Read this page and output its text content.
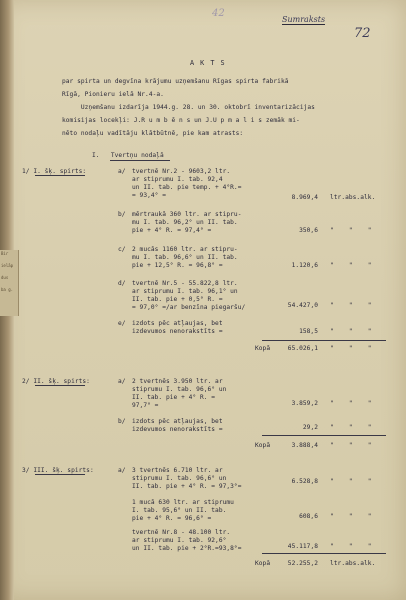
Bir
ielāp
dus
ba g.
42
Sumraksts
72
A K T S
par spirta un degvīna krājumu uzņemšanu Rīgas spirta fabrikā
Rīgā, Pionieru ielā Nr.4-a.
Uzņemšanu izdarīja 1944.g. 28. un 30. oktobrī inventarizācijas
komisijas locekļi: J.R u m b ē n s un J.U p m a l i s zemāk mi-
nēto nodaļu vadītāju klātbūtnē, pie kam atrasts:
I.   Tvertņu nodaļā
1/ I. šķ. spirts:	a/ tvertnē Nr.2 - 9603,2 ltr.
ar stiprumu I. tab. 92,4
un II. tab. pie temp. + 4°R.=
= 93,4° =	8.969,4 ltr.abs.alk.
b/ mērtraukā 360 ltr. ar stipru-
mu I. tab. 96,2° un II. tab.
pie + 4° R. = 97,4° =	350,6 "    "    "
c/ 2 mucās 1160 ltr. ar stipru-
mu I. tab. 96,6° un II. tab.
pie + 12,5° R. = 96,8° =	1.120,6 "    "    "
d/ tvertnē Nr.5 - 55.822,8 ltr.
ar stiprumu I. tab. 96,1° un
II. tab. pie + 0,5° R. =
= 97,0° =/ar benzīna piegaršu/	54.427,0 "    "    "
e/ izdots pēc atļaujas, bet
izdevumos nenorakstīts =	158,5 "    "    "
Kopā	65.026,1 "    "    "
2/ II. šķ. spirts:	a/ 2 tvertnēs 3.950 ltr. ar
stiprumu I. tab. 96,6° un
II. tab. pie + 4° R. =
97,7° =	3.859,2 "    "    "
b/ izdots pēc atļaujas, bet
izdevumos nenorakstīts =	29,2 "    "    "
Kopā	3.888,4 "    "    "
3/ III. šķ. spirts:	a/ 3 tvertnēs 6.710 ltr. ar
stiprumu I. tab. 96,6° un
II. tab. pie + 4° R. = 97,3°=
6.528,8 "    "    "
1 mucā 630 ltr. ar stiprumu
I. tab. 95,6° un II. tab.
pie + 4° R. = 96,6° =	608,6 "    "    "
tvertnē Nr.8 - 48.100 ltr.
ar stiprumu I. tab. 92,6°
un II. tab. pie + 2°R.=93,8°=	45.117,8 "    "    "
Kopā	52.255,2 ltr.abs.alk.
